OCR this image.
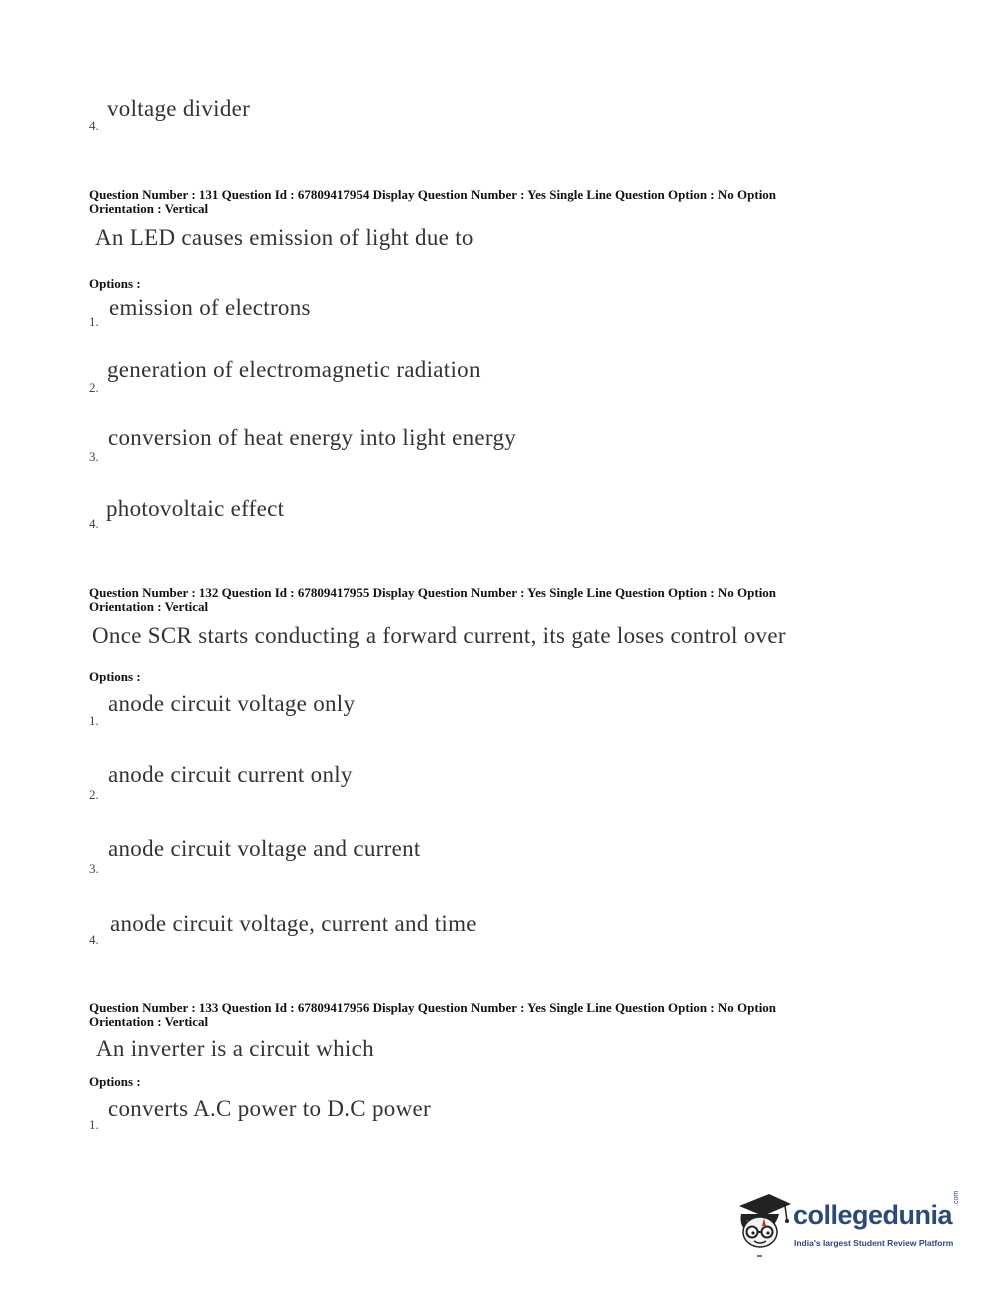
voltage divider
4.
Question Number : 131 Question Id : 67809417954 Display Question Number : Yes Single Line Question Option : No Option
Orientation : Vertical
An LED causes emission of light due to
Options :
emission of electrons
1.
generation of electromagnetic radiation
2.
conversion of heat energy into light energy
3.
photovoltaic effect
4.
Question Number : 132 Question Id : 67809417955 Display Question Number : Yes Single Line Question Option : No Option
Orientation : Vertical
Once SCR starts conducting a forward current, its gate loses control over
Options :
anode circuit voltage only
1.
anode circuit current only
2.
anode circuit voltage and current
3.
anode circuit voltage, current and time
4.
Question Number : 133 Question Id : 67809417956 Display Question Number : Yes Single Line Question Option : No Option
Orientation : Vertical
An inverter is a circuit which
Options :
converts A.C power to D.C power
1.
collegedunia
.com
India's largest Student Review Platform
